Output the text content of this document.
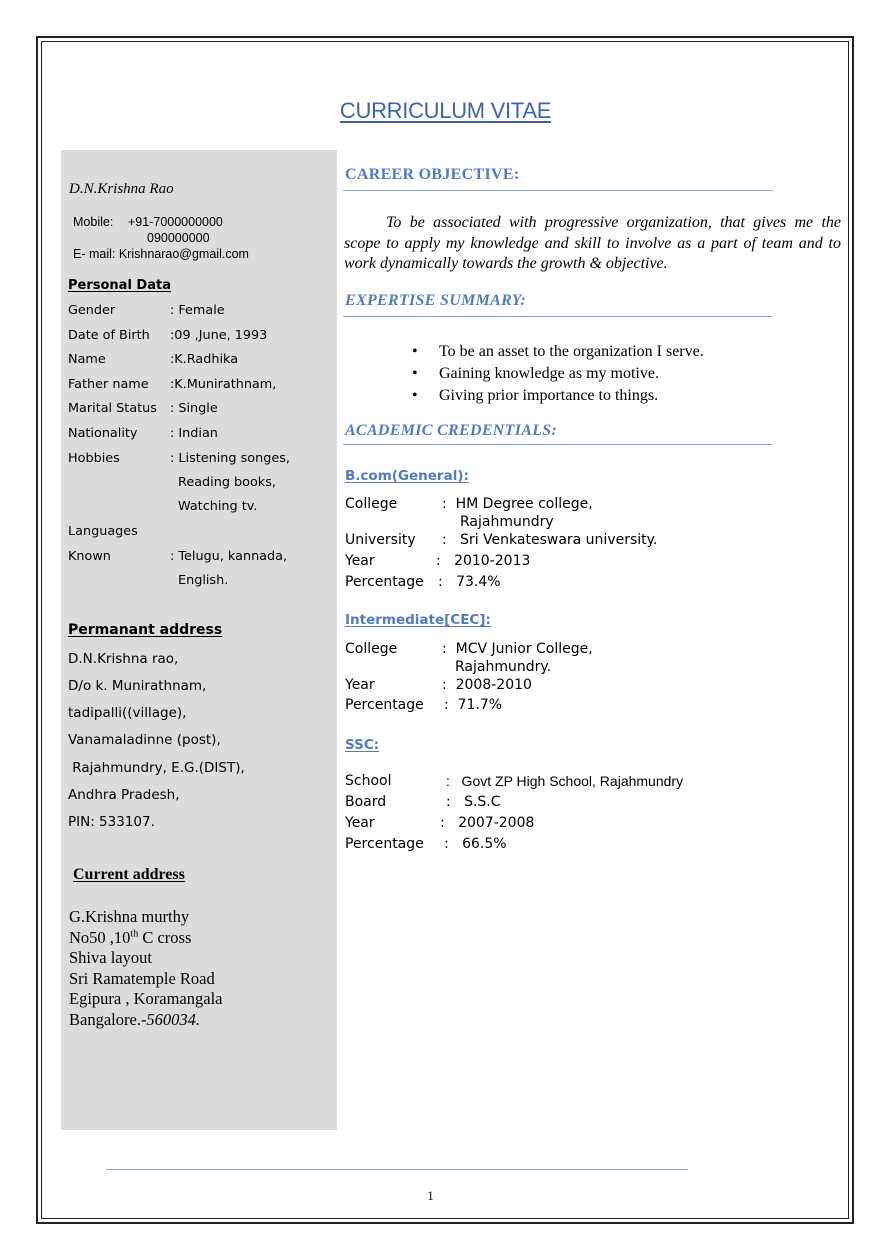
CURRICULUM VITAE
D.N.Krishna Rao
Mobile: +91-7000000000
090000000
E- mail: Krishnarao@gmail.com
Personal Data
Gender	: Female
Date of Birth :09 ,June, 1993
Name	:K.Radhika
Father name :K.Munirathnam,
Marital Status : Single
Nationality	: Indian
Hobbies	: Listening songes,
Reading books,
Watching tv.
Languages
Known	: Telugu, kannada,
English.
Permanant address
D.N.Krishna rao,
D/o k. Munirathnam,
tadipalli((village),
Vanamaladinne (post),
Rajahmundry, E.G.(DIST),
Andhra Pradesh,
PIN: 533107.
Current address
G.Krishna murthy
No50 ,10th C cross
Shiva layout
Sri Ramatemple Road
Egipura , Koramangala
Bangalore.-560034.
CAREER OBJECTIVE:
To be associated with progressive organization, that gives me the scope to apply my knowledge and skill to involve as a part of team and to work dynamically towards the growth & objective.
EXPERTISE SUMMARY:
• To be an asset to the organization I serve.
• Gaining knowledge as my motive.
• Giving prior importance to things.
ACADEMIC CREDENTIALS:
B.com(General):
College	:  HM Degree college,
Rajahmundry
University :   Sri Venkateswara university.
Year	:   2010-2013
Percentage :   73.4%
Intermediate[CEC]:
College	:  MCV Junior College,
Rajahmundry.
Year	:  2008-2010
Percentage :  71.7%
SSC:
School	:   Govt ZP High School, Rajahmundry
Board	:   S.S.C
Year	:   2007-2008
Percentage :   66.5%
1
